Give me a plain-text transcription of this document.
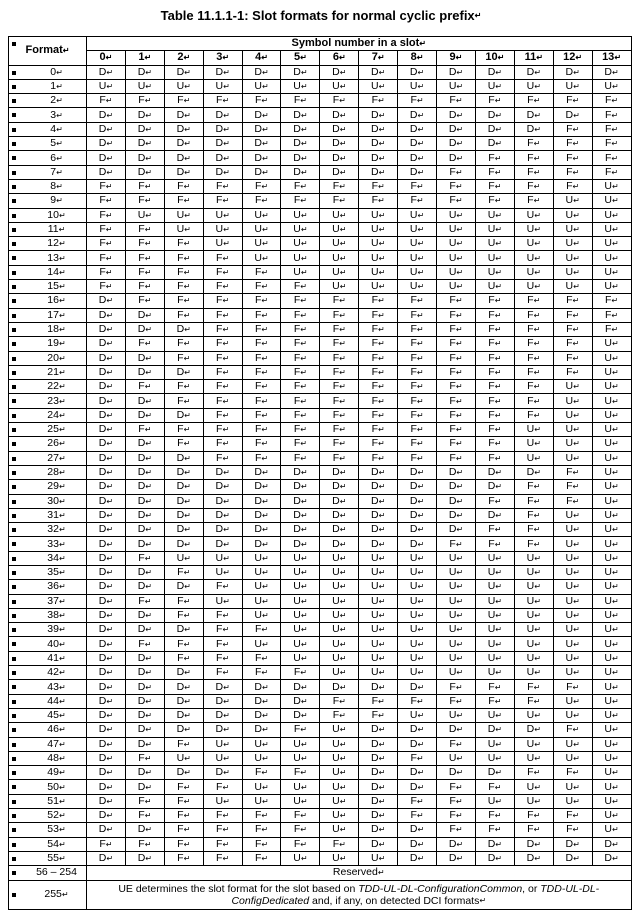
Table 11.1.1-1: Slot formats for normal cyclic prefix↵
Format↵	Symbol number in a slot↵
	0↵	1↵	2↵	3↵	4↵	5↵	6↵	7↵	8↵	9↵	10↵	11↵	12↵	13↵

0↵	D↵	D↵	D↵	D↵	D↵	D↵	D↵	D↵	D↵	D↵	D↵	D↵	D↵	D↵

1↵	U↵	U↵	U↵	U↵	U↵	U↵	U↵	U↵	U↵	U↵	U↵	U↵	U↵	U↵

2↵	F↵	F↵	F↵	F↵	F↵	F↵	F↵	F↵	F↵	F↵	F↵	F↵	F↵	F↵

3↵	D↵	D↵	D↵	D↵	D↵	D↵	D↵	D↵	D↵	D↵	D↵	D↵	D↵	F↵

4↵	D↵	D↵	D↵	D↵	D↵	D↵	D↵	D↵	D↵	D↵	D↵	D↵	F↵	F↵

5↵	D↵	D↵	D↵	D↵	D↵	D↵	D↵	D↵	D↵	D↵	D↵	F↵	F↵	F↵

6↵	D↵	D↵	D↵	D↵	D↵	D↵	D↵	D↵	D↵	D↵	F↵	F↵	F↵	F↵

7↵	D↵	D↵	D↵	D↵	D↵	D↵	D↵	D↵	D↵	F↵	F↵	F↵	F↵	F↵

8↵	F↵	F↵	F↵	F↵	F↵	F↵	F↵	F↵	F↵	F↵	F↵	F↵	F↵	U↵

9↵	F↵	F↵	F↵	F↵	F↵	F↵	F↵	F↵	F↵	F↵	F↵	F↵	U↵	U↵

10↵	F↵	U↵	U↵	U↵	U↵	U↵	U↵	U↵	U↵	U↵	U↵	U↵	U↵	U↵

11↵	F↵	F↵	U↵	U↵	U↵	U↵	U↵	U↵	U↵	U↵	U↵	U↵	U↵	U↵

12↵	F↵	F↵	F↵	U↵	U↵	U↵	U↵	U↵	U↵	U↵	U↵	U↵	U↵	U↵

13↵	F↵	F↵	F↵	F↵	U↵	U↵	U↵	U↵	U↵	U↵	U↵	U↵	U↵	U↵

14↵	F↵	F↵	F↵	F↵	F↵	U↵	U↵	U↵	U↵	U↵	U↵	U↵	U↵	U↵

15↵	F↵	F↵	F↵	F↵	F↵	F↵	U↵	U↵	U↵	U↵	U↵	U↵	U↵	U↵

16↵	D↵	F↵	F↵	F↵	F↵	F↵	F↵	F↵	F↵	F↵	F↵	F↵	F↵	F↵

17↵	D↵	D↵	F↵	F↵	F↵	F↵	F↵	F↵	F↵	F↵	F↵	F↵	F↵	F↵

18↵	D↵	D↵	D↵	F↵	F↵	F↵	F↵	F↵	F↵	F↵	F↵	F↵	F↵	F↵

19↵	D↵	F↵	F↵	F↵	F↵	F↵	F↵	F↵	F↵	F↵	F↵	F↵	F↵	U↵

20↵	D↵	D↵	F↵	F↵	F↵	F↵	F↵	F↵	F↵	F↵	F↵	F↵	F↵	U↵

21↵	D↵	D↵	D↵	F↵	F↵	F↵	F↵	F↵	F↵	F↵	F↵	F↵	F↵	U↵

22↵	D↵	F↵	F↵	F↵	F↵	F↵	F↵	F↵	F↵	F↵	F↵	F↵	U↵	U↵

23↵	D↵	D↵	F↵	F↵	F↵	F↵	F↵	F↵	F↵	F↵	F↵	F↵	U↵	U↵

24↵	D↵	D↵	D↵	F↵	F↵	F↵	F↵	F↵	F↵	F↵	F↵	F↵	U↵	U↵

25↵	D↵	F↵	F↵	F↵	F↵	F↵	F↵	F↵	F↵	F↵	F↵	U↵	U↵	U↵

26↵	D↵	D↵	F↵	F↵	F↵	F↵	F↵	F↵	F↵	F↵	F↵	U↵	U↵	U↵

27↵	D↵	D↵	D↵	F↵	F↵	F↵	F↵	F↵	F↵	F↵	F↵	U↵	U↵	U↵

28↵	D↵	D↵	D↵	D↵	D↵	D↵	D↵	D↵	D↵	D↵	D↵	D↵	F↵	U↵

29↵	D↵	D↵	D↵	D↵	D↵	D↵	D↵	D↵	D↵	D↵	D↵	F↵	F↵	U↵

30↵	D↵	D↵	D↵	D↵	D↵	D↵	D↵	D↵	D↵	D↵	F↵	F↵	F↵	U↵

31↵	D↵	D↵	D↵	D↵	D↵	D↵	D↵	D↵	D↵	D↵	D↵	F↵	U↵	U↵

32↵	D↵	D↵	D↵	D↵	D↵	D↵	D↵	D↵	D↵	D↵	F↵	F↵	U↵	U↵

33↵	D↵	D↵	D↵	D↵	D↵	D↵	D↵	D↵	D↵	F↵	F↵	F↵	U↵	U↵

34↵	D↵	F↵	U↵	U↵	U↵	U↵	U↵	U↵	U↵	U↵	U↵	U↵	U↵	U↵

35↵	D↵	D↵	F↵	U↵	U↵	U↵	U↵	U↵	U↵	U↵	U↵	U↵	U↵	U↵

36↵	D↵	D↵	D↵	F↵	U↵	U↵	U↵	U↵	U↵	U↵	U↵	U↵	U↵	U↵

37↵	D↵	F↵	F↵	U↵	U↵	U↵	U↵	U↵	U↵	U↵	U↵	U↵	U↵	U↵

38↵	D↵	D↵	F↵	F↵	U↵	U↵	U↵	U↵	U↵	U↵	U↵	U↵	U↵	U↵

39↵	D↵	D↵	D↵	F↵	F↵	U↵	U↵	U↵	U↵	U↵	U↵	U↵	U↵	U↵

40↵	D↵	F↵	F↵	F↵	U↵	U↵	U↵	U↵	U↵	U↵	U↵	U↵	U↵	U↵

41↵	D↵	D↵	F↵	F↵	F↵	U↵	U↵	U↵	U↵	U↵	U↵	U↵	U↵	U↵

42↵	D↵	D↵	D↵	F↵	F↵	F↵	U↵	U↵	U↵	U↵	U↵	U↵	U↵	U↵

43↵	D↵	D↵	D↵	D↵	D↵	D↵	D↵	D↵	D↵	F↵	F↵	F↵	F↵	U↵

44↵	D↵	D↵	D↵	D↵	D↵	D↵	F↵	F↵	F↵	F↵	F↵	F↵	U↵	U↵

45↵	D↵	D↵	D↵	D↵	D↵	D↵	F↵	F↵	U↵	U↵	U↵	U↵	U↵	U↵

46↵	D↵	D↵	D↵	D↵	D↵	F↵	U↵	D↵	D↵	D↵	D↵	D↵	F↵	U↵

47↵	D↵	D↵	F↵	U↵	U↵	U↵	U↵	D↵	D↵	F↵	U↵	U↵	U↵	U↵

48↵	D↵	F↵	U↵	U↵	U↵	U↵	U↵	D↵	F↵	U↵	U↵	U↵	U↵	U↵

49↵	D↵	D↵	D↵	D↵	F↵	F↵	U↵	D↵	D↵	D↵	D↵	F↵	F↵	U↵

50↵	D↵	D↵	F↵	F↵	U↵	U↵	U↵	D↵	D↵	F↵	F↵	U↵	U↵	U↵

51↵	D↵	F↵	F↵	U↵	U↵	U↵	U↵	D↵	F↵	F↵	U↵	U↵	U↵	U↵

52↵	D↵	F↵	F↵	F↵	F↵	F↵	U↵	D↵	F↵	F↵	F↵	F↵	F↵	U↵

53↵	D↵	D↵	F↵	F↵	F↵	F↵	U↵	D↵	D↵	F↵	F↵	F↵	F↵	U↵

54↵	F↵	F↵	F↵	F↵	F↵	F↵	F↵	D↵	D↵	D↵	D↵	D↵	D↵	D↵

55↵	D↵	D↵	F↵	F↵	F↵	U↵	U↵	U↵	D↵	D↵	D↵	D↵	D↵	D↵

56 – 254	Reserved↵

255↵	UE determines the slot format for the slot based on TDD-UL-DL-ConfigurationCommon, or TDD-UL-DL-ConfigDedicated and, if any, on detected DCI formats↵
